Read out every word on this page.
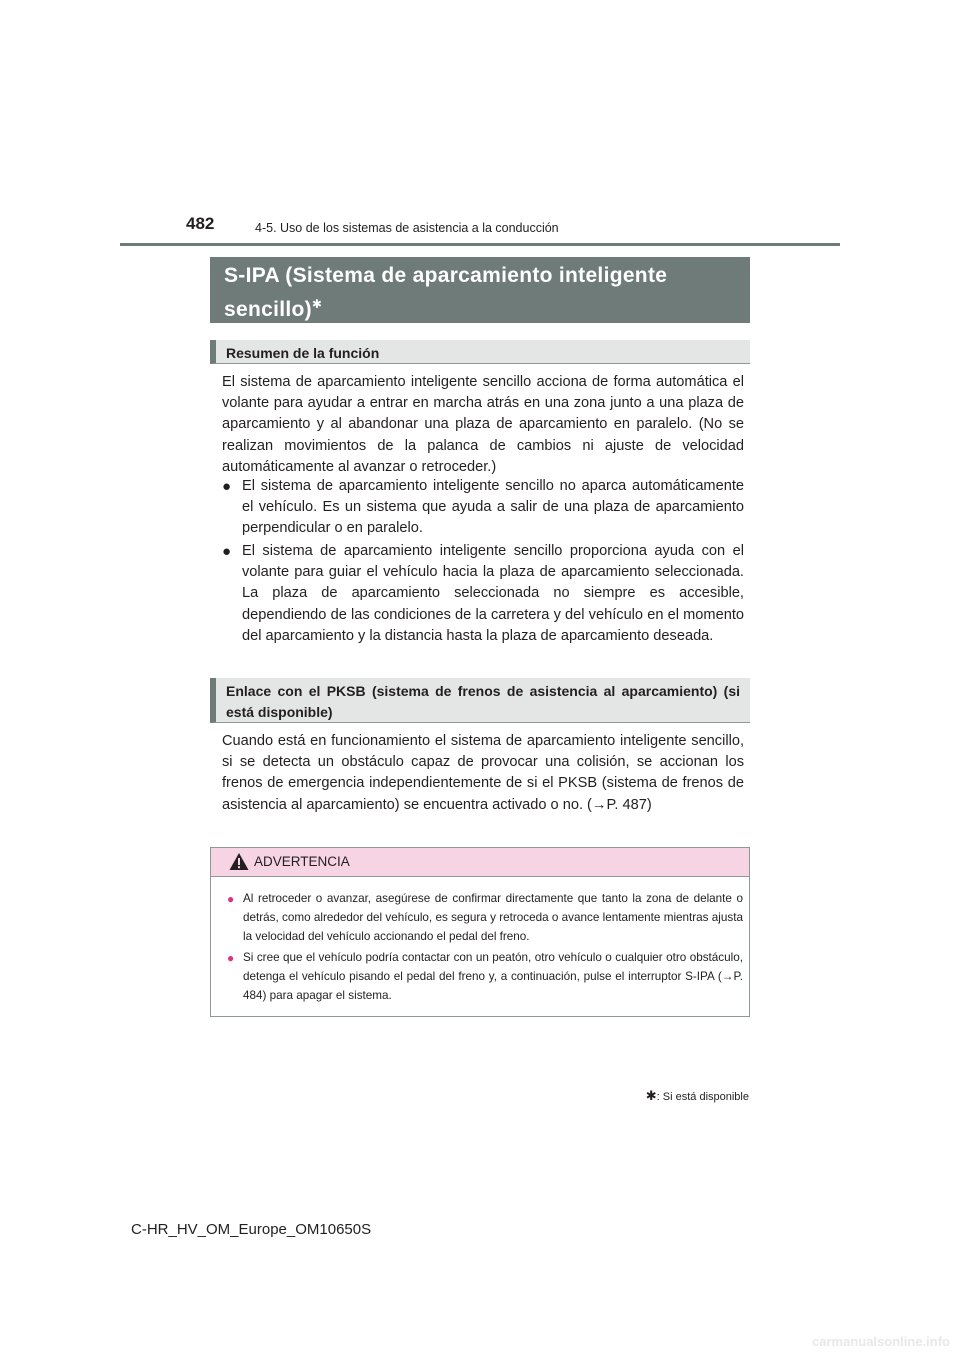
482	4-5. Uso de los sistemas de asistencia a la conducción
S-IPA (Sistema de aparcamiento inteligente sencillo)✱
Resumen de la función

El sistema de aparcamiento inteligente sencillo acciona de forma automática el volante para ayudar a entrar en marcha atrás en una zona junto a una plaza de aparcamiento y al abandonar una plaza de aparcamiento en paralelo. (No se realizan movimientos de la palanca de cambios ni ajuste de velocidad automáticamente al avanzar o retroceder.)

● El sistema de aparcamiento inteligente sencillo no aparca automáticamente el vehículo. Es un sistema que ayuda a salir de una plaza de aparcamiento perpendicular o en paralelo.
● El sistema de aparcamiento inteligente sencillo proporciona ayuda con el volante para guiar el vehículo hacia la plaza de aparcamiento seleccionada. La plaza de aparcamiento seleccionada no siempre es accesible, dependiendo de las condiciones de la carretera y del vehículo en el momento del aparcamiento y la distancia hasta la plaza de aparcamiento deseada.
Enlace con el PKSB (sistema de frenos de asistencia al aparcamiento) (si está disponible)

Cuando está en funcionamiento el sistema de aparcamiento inteligente sencillo, si se detecta un obstáculo capaz de provocar una colisión, se accionan los frenos de emergencia independientemente de si el PKSB (sistema de frenos de asistencia al aparcamiento) se encuentra activado o no. (→P. 487)

ADVERTENCIA
● Al retroceder o avanzar, asegúrese de confirmar directamente que tanto la zona de delante o detrás, como alrededor del vehículo, es segura y retroceda o avance lentamente mientras ajusta la velocidad del vehículo accionando el pedal del freno.
● Si cree que el vehículo podría contactar con un peatón, otro vehículo o cualquier otro obstáculo, detenga el vehículo pisando el pedal del freno y, a continuación, pulse el interruptor S-IPA (→P. 484) para apagar el sistema.
✱: Si está disponible
C-HR_HV_OM_Europe_OM10650S
carmanualsonline.info
